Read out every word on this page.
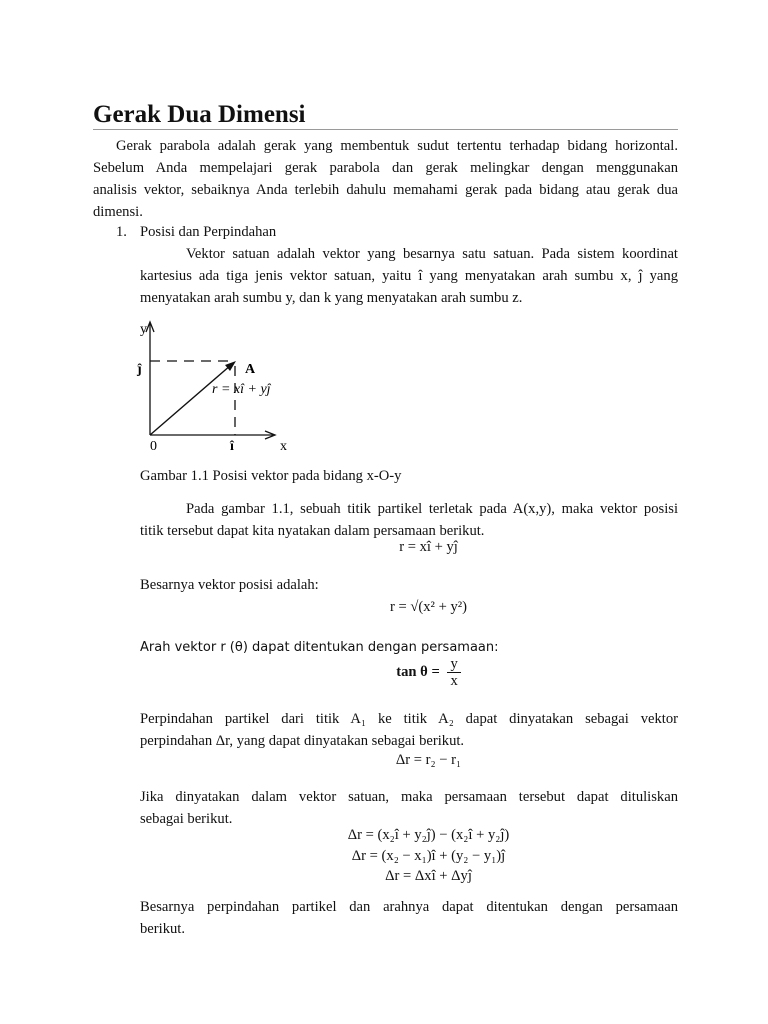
Gerak Dua Dimensi
Gerak parabola adalah gerak yang membentuk sudut tertentu terhadap bidang horizontal.
Sebelum Anda mempelajari gerak parabola dan gerak melingkar dengan menggunakan
analisis vektor, sebaiknya Anda terlebih dahulu memahami gerak pada bidang atau gerak dua
dimensi.
1. Posisi dan Perpindahan
Vektor satuan adalah vektor yang besarnya satu satuan. Pada sistem koordinat
kartesius ada tiga jenis vektor satuan, yaitu î yang menyatakan arah sumbu x, ĵ yang
menyatakan arah sumbu y, dan k yang menyatakan arah sumbu z.
y
x
0
ĵ
î
A
r = xî + yĵ
Gambar 1.1 Posisi vektor pada bidang x-O-y
Pada gambar 1.1, sebuah titik partikel terletak pada A(x,y), maka vektor posisi
titik tersebut dapat kita nyatakan dalam persamaan berikut.
r = xî + yĵ
Besarnya vektor posisi adalah:
r = √(x² + y²)
Arah vektor r (θ) dapat ditentukan dengan persamaan:
$\tan \theta = \frac{y}{x}$
Perpindahan partikel dari titik A₁ ke titik A₂ dapat dinyatakan sebagai vektor
perpindahan Δr, yang dapat dinyatakan sebagai berikut.
Δr = r₂ − r₁
Jika dinyatakan dalam vektor satuan, maka persamaan tersebut dapat dituliskan
sebagai berikut.
Δr = (x₂î + y₂ĵ) − (x₂î + y₂ĵ)
Δr = (x₂ − x₁)î + (y₂ − y₁)ĵ
Δr = Δxî + Δyĵ
Besarnya perpindahan partikel dan arahnya dapat ditentukan dengan persamaan
berikut.
